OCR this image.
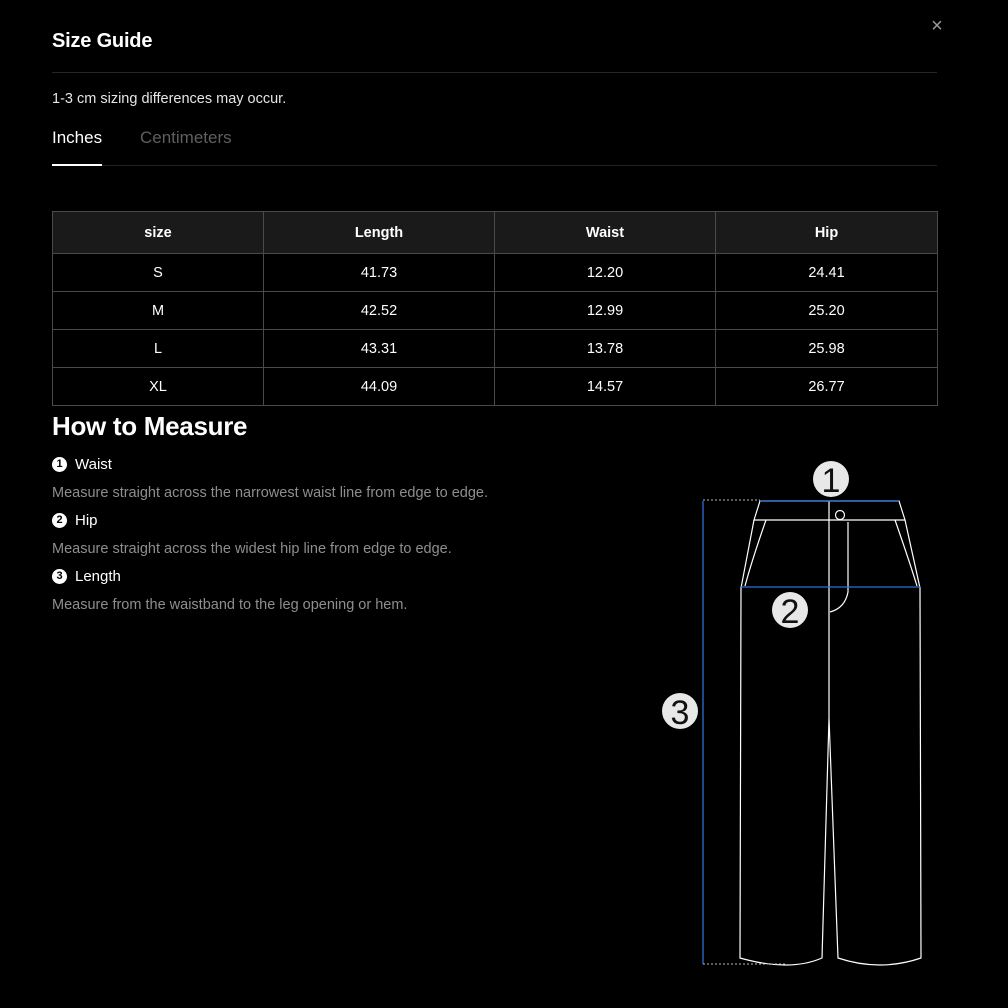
×
Size Guide
1-3 cm sizing differences may occur.
Inches Centimeters
size	Length	Waist	Hip
S	41.73	12.20	24.41
M	42.52	12.99	25.20
L	43.31	13.78	25.98
XL	44.09	14.57	26.77
How to Measure
1 Waist
Measure straight across the narrowest waist line from edge to edge.
2 Hip
Measure straight across the widest hip line from edge to edge.
3 Length
Measure from the waistband to the leg opening or hem.
1
2
3
